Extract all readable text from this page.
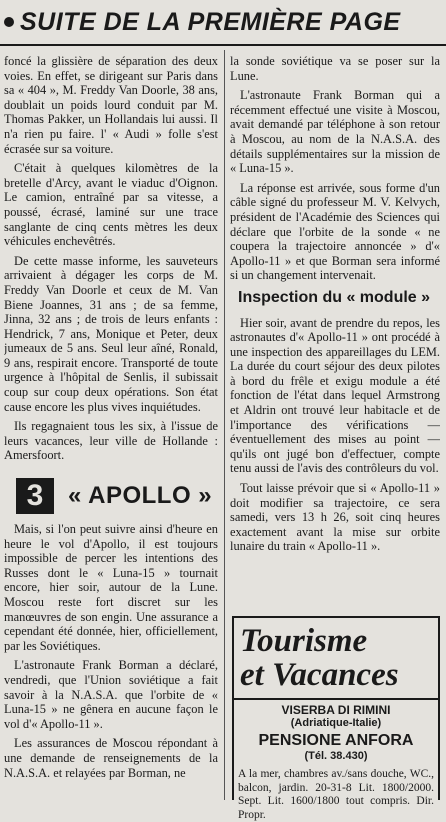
SUITE DE LA PREMIÈRE PAGE

foncé la glissière de séparation des deux voies. En effet, se dirigeant sur Paris dans sa « 404 », M. Freddy Van Doorle, 38 ans, doublait un poids lourd conduit par M. Thomas Pakker, un Hollandais lui aussi. Il n'a rien pu faire. l' « Audi » folle s'est écrasée sur sa voiture.

C'était à quelques kilomètres de la bretelle d'Arcy, avant le viaduc d'Oignon. Le camion, entraîné par sa vitesse, a poussé, écrasé, laminé sur une trace sanglante de cinq cents mètres les deux véhicules enchevêtrés.

De cette masse informe, les sauveteurs arrivaient à dégager les corps de M. Freddy Van Doorle et ceux de M. Van Biene Joannes, 31 ans ; de sa femme, Jinna, 32 ans ; de trois de leurs enfants : Hendrick, 7 ans, Monique et Peter, deux jumeaux de 5 ans. Seul leur aîné, Ronald, 9 ans, respirait encore. Transporté de toute urgence à l'hôpital de Senlis, il subissait coup sur coup deux opérations. Son état cause encore les plus vives inquiétudes.

Ils regagnaient tous les six, à l'issue de leurs vacances, leur ville de Hollande : Amersfoort.

3	« APOLLO »

Mais, si l'on peut suivre ainsi d'heure en heure le vol d'Apollo, il est toujours impossible de percer les intentions des Russes dont le « Luna-15 » tournait encore, hier soir, autour de la Lune. Moscou reste fort discret sur les manœuvres de son engin. Une assurance a cependant été donnée, hier, officiellement, par les Soviétiques.

L'astronaute Frank Borman a déclaré, vendredi, que l'Union soviétique a fait savoir à la N.A.S.A. que l'orbite de « Luna-15 » ne gênera en aucune façon le vol d'« Apollo-11 ».

Les assurances de Moscou répondant à une demande de renseignements de la N.A.S.A. et relayées par Borman, ne

la sonde soviétique va se poser sur la Lune.

L'astronaute Frank Borman qui a récemment effectué une visite à Moscou, avait demandé par téléphone à son retour à Moscou, au nom de la N.A.S.A. des détails supplémentaires sur la mission de « Luna-15 ».

La réponse est arrivée, sous forme d'un câble signé du professeur M. V. Kelvych, président de l'Académie des Sciences qui déclare que l'orbite de la sonde « ne coupera la trajectoire annoncée » d'« Apollo-11 » et que Borman sera informé si un changement intervenait.

Inspection du « module »

Hier soir, avant de prendre du repos, les astronautes d'« Apollo-11 » ont procédé à une inspection des appareillages du LEM. La durée du court séjour des deux pilotes à bord du frêle et exigu module a été fonction de l'état dans lequel Armstrong et Aldrin ont trouvé leur habitacle et de l'importance des vérifications — éventuellement des mises au point — qu'ils ont jugé bon d'effectuer, compte tenu aussi de l'avis des contrôleurs du vol.

Tout laisse prévoir que si « Apollo-11 » doit modifier sa trajectoire, ce sera samedi, vers 13 h 26, soit cinq heures exactement avant la mise sur orbite lunaire du train « Apollo-11 ».

Tourisme
et Vacances
VISERBA DI RIMINI
(Adriatique-Italie)
PENSIONE ANFORA
(Tél. 38.430)
A la mer, chambres av./sans douche, WC., balcon, jardin. 20-31-8 Lit. 1800/2000. Sept. Lit. 1600/1800 tout compris. Dir. Propr.
